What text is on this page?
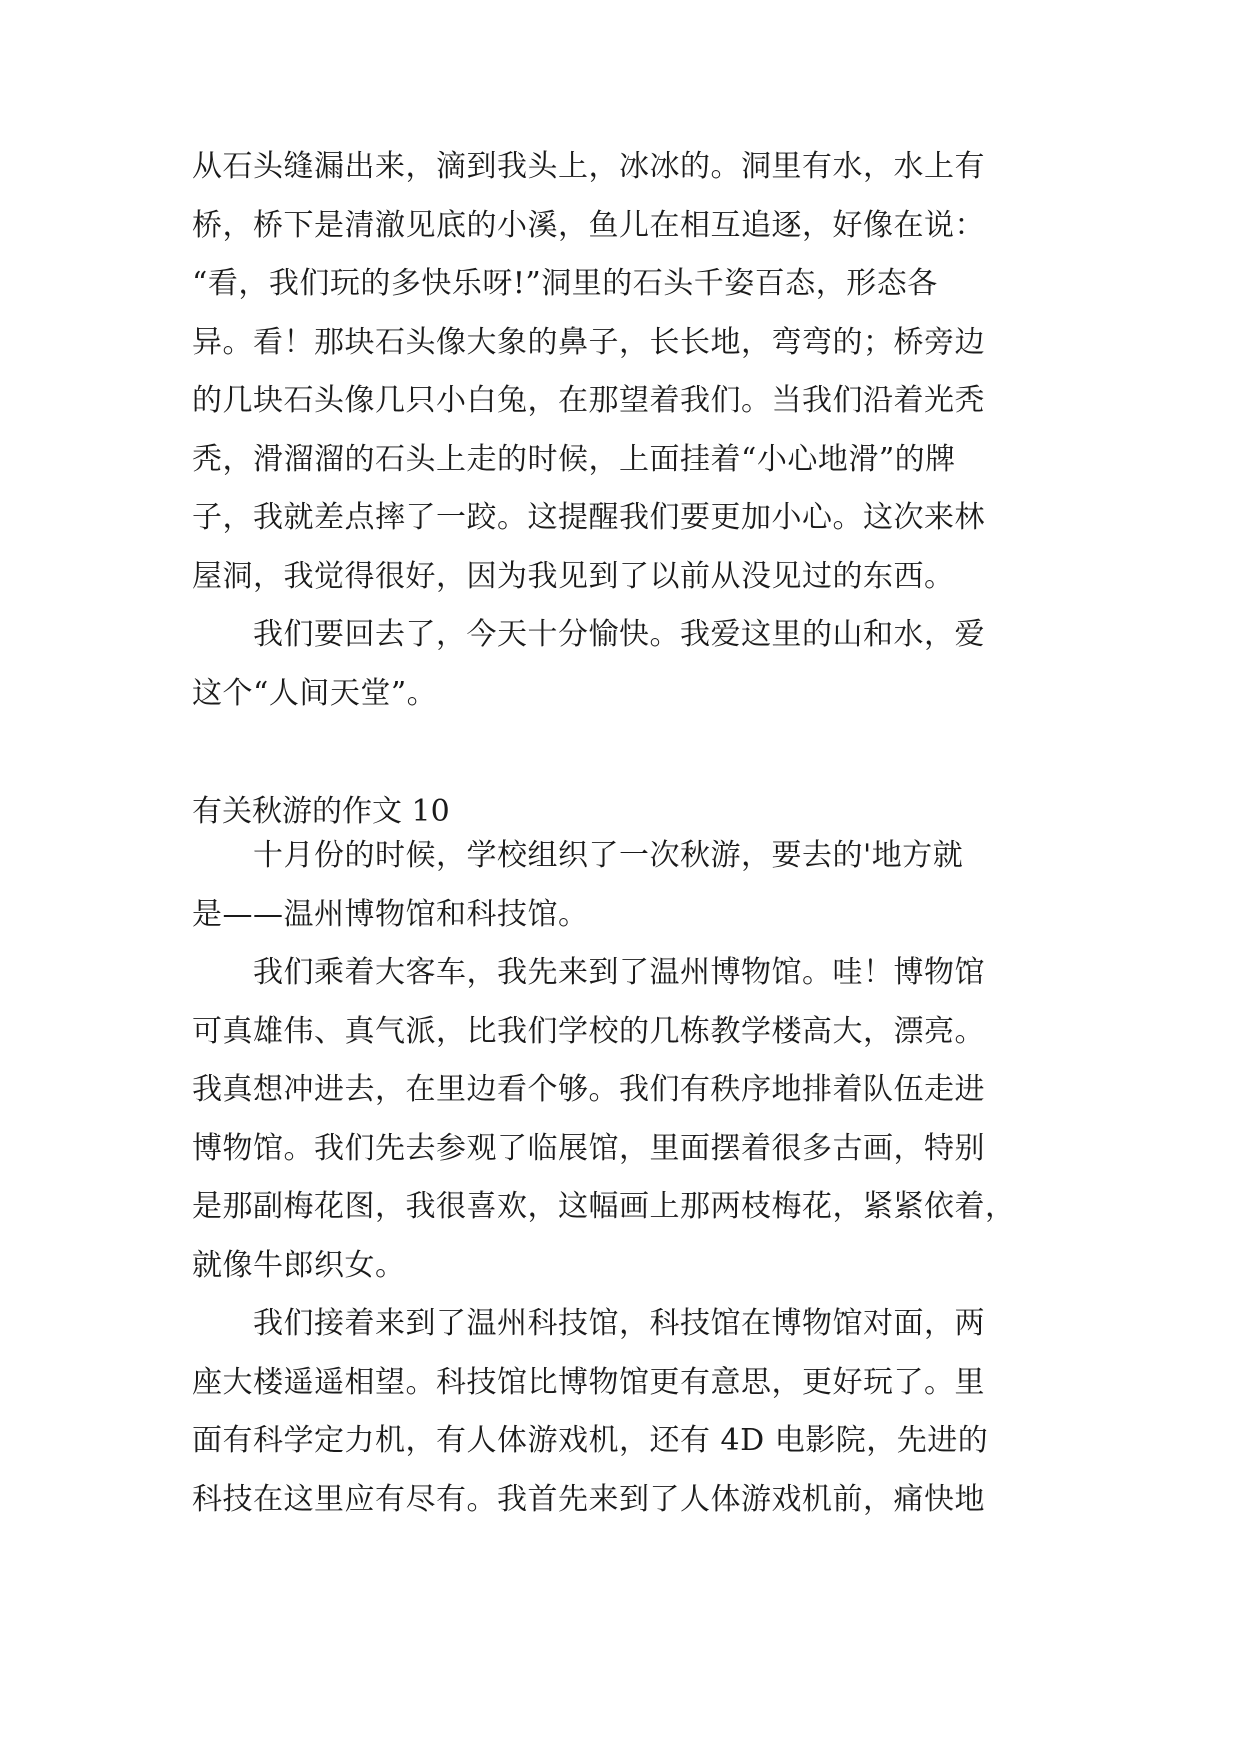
从石头缝漏出来，滴到我头上，冰冰的。洞里有水，水上有

桥，桥下是清澈见底的小溪，鱼儿在相互追逐，好像在说：

“看，我们玩的多快乐呀!”洞里的石头千姿百态，形态各

异。看！那块石头像大象的鼻子，长长地，弯弯的；桥旁边

的几块石头像几只小白兔，在那望着我们。当我们沿着光秃

秃，滑溜溜的石头上走的时候，上面挂着“小心地滑”的牌

子，我就差点摔了一跤。这提醒我们要更加小心。这次来林

屋洞，我觉得很好，因为我见到了以前从没见过的东西。

　　我们要回去了，今天十分愉快。我爱这里的山和水，爱

这个“人间天堂”。

有关秋游的作文 10

　　十月份的时候，学校组织了一次秋游，要去的'地方就

是——温州博物馆和科技馆。

　　我们乘着大客车，我先来到了温州博物馆。哇！博物馆

可真雄伟、真气派，比我们学校的几栋教学楼高大，漂亮。

我真想冲进去，在里边看个够。我们有秩序地排着队伍走进

博物馆。我们先去参观了临展馆，里面摆着很多古画，特别

是那副梅花图，我很喜欢，这幅画上那两枝梅花，紧紧依着，

就像牛郎织女。

　　我们接着来到了温州科技馆，科技馆在博物馆对面，两

座大楼遥遥相望。科技馆比博物馆更有意思，更好玩了。里

面有科学定力机，有人体游戏机，还有 4D 电影院，先进的

科技在这里应有尽有。我首先来到了人体游戏机前，痛快地
